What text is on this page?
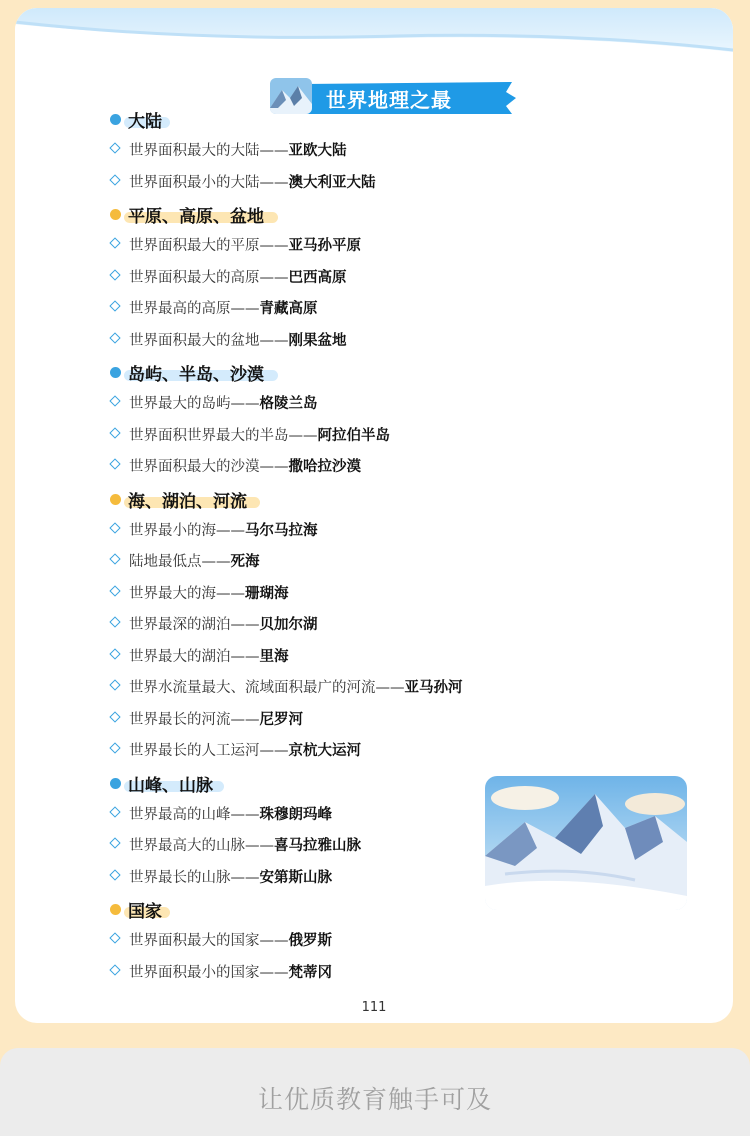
世界地理之最
大陆
世界面积最大的大陆——亚欧大陆
世界面积最小的大陆——澳大利亚大陆
平原、高原、盆地
世界面积最大的平原——亚马孙平原
世界面积最大的高原——巴西高原
世界最高的高原——青藏高原
世界面积最大的盆地——刚果盆地
岛屿、半岛、沙漠
世界最大的岛屿——格陵兰岛
世界面积世界最大的半岛——阿拉伯半岛
世界面积最大的沙漠——撒哈拉沙漠
海、湖泊、河流
世界最小的海——马尔马拉海
陆地最低点——死海
世界最大的海——珊瑚海
世界最深的湖泊——贝加尔湖
世界最大的湖泊——里海
世界水流量最大、流域面积最广的河流——亚马孙河
世界最长的河流——尼罗河
世界最长的人工运河——京杭大运河
山峰、山脉
世界最高的山峰——珠穆朗玛峰
世界最高大的山脉——喜马拉雅山脉
世界最长的山脉——安第斯山脉
国家
世界面积最大的国家——俄罗斯
世界面积最小的国家——梵蒂冈
111
让优质教育触手可及
